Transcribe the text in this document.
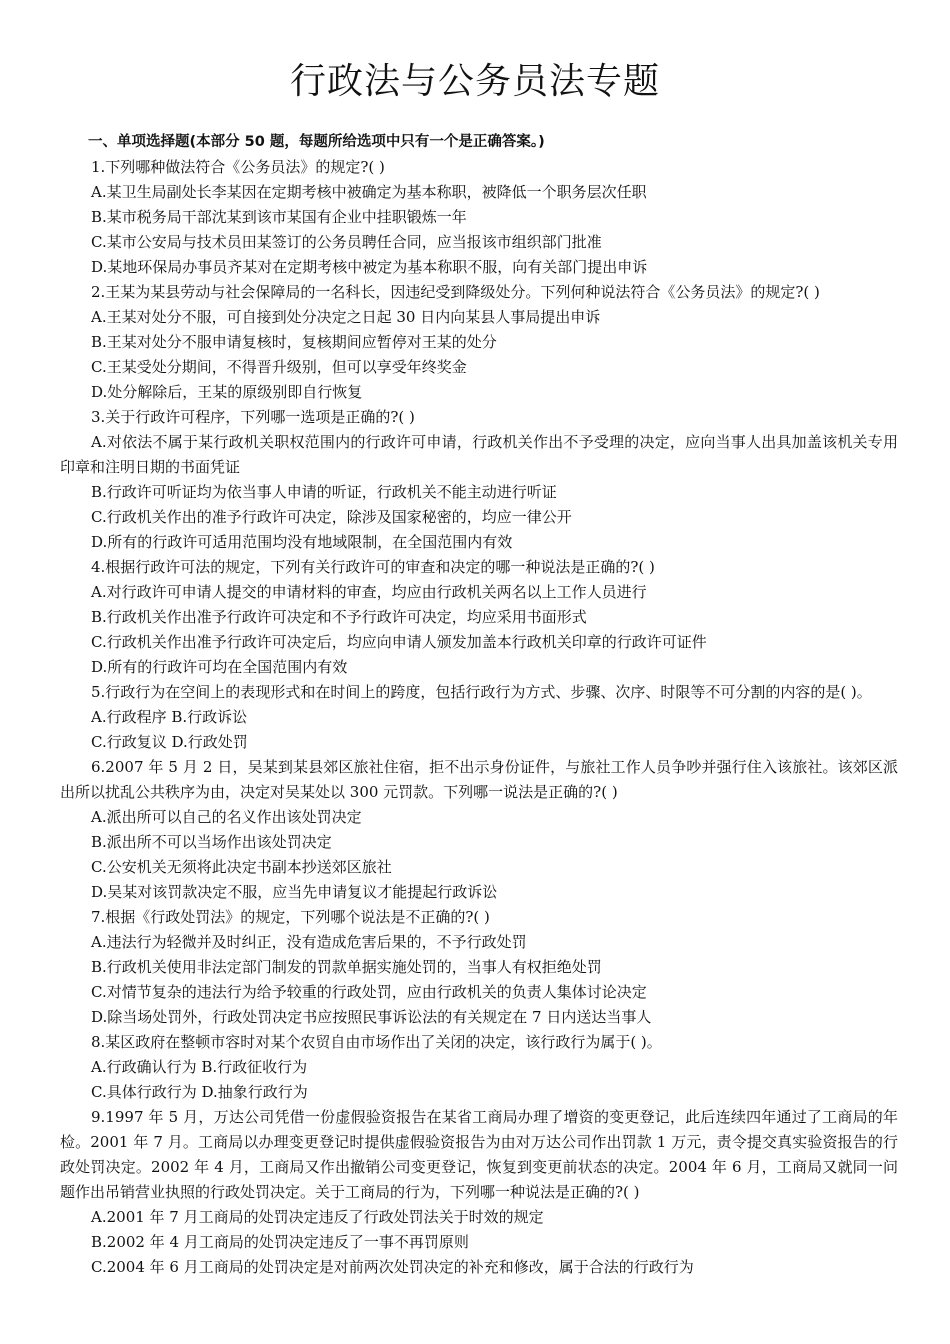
行政法与公务员法专题

一、单项选择题(本部分 50 题，每题所给选项中只有一个是正确答案。)

1.下列哪种做法符合《公务员法》的规定?( )

A.某卫生局副处长李某因在定期考核中被确定为基本称职，被降低一个职务层次任职

B.某市税务局干部沈某到该市某国有企业中挂职锻炼一年

C.某市公安局与技术员田某签订的公务员聘任合同，应当报该市组织部门批准

D.某地环保局办事员齐某对在定期考核中被定为基本称职不服，向有关部门提出申诉

2.王某为某县劳动与社会保障局的一名科长，因违纪受到降级处分。下列何种说法符合《公务员法》的规定?( )

A.王某对处分不服，可自接到处分决定之日起 30 日内向某县人事局提出申诉

B.王某对处分不服申请复核时，复核期间应暂停对王某的处分

C.王某受处分期间，不得晋升级别，但可以享受年终奖金

D.处分解除后，王某的原级别即自行恢复

3.关于行政许可程序，下列哪一选项是正确的?( )

A.对依法不属于某行政机关职权范围内的行政许可申请，行政机关作出不予受理的决定，应向当事人出具加盖该机关专用印章和注明日期的书面凭证

B.行政许可听证均为依当事人申请的听证，行政机关不能主动进行听证

C.行政机关作出的准予行政许可决定，除涉及国家秘密的，均应一律公开

D.所有的行政许可适用范围均没有地域限制，在全国范围内有效

4.根据行政许可法的规定，下列有关行政许可的审查和决定的哪一种说法是正确的?( )

A.对行政许可申请人提交的申请材料的审查，均应由行政机关两名以上工作人员进行

B.行政机关作出准予行政许可决定和不予行政许可决定，均应采用书面形式

C.行政机关作出准予行政许可决定后，均应向申请人颁发加盖本行政机关印章的行政许可证件

D.所有的行政许可均在全国范围内有效

5.行政行为在空间上的表现形式和在时间上的跨度，包括行政行为方式、步骤、次序、时限等不可分割的内容的是( )。

A.行政程序 B.行政诉讼

C.行政复议 D.行政处罚

6.2007 年 5 月 2 日，吴某到某县郊区旅社住宿，拒不出示身份证件，与旅社工作人员争吵并强行住入该旅社。该郊区派出所以扰乱公共秩序为由，决定对吴某处以 300 元罚款。下列哪一说法是正确的?( )

A.派出所可以自己的名义作出该处罚决定

B.派出所不可以当场作出该处罚决定

C.公安机关无须将此决定书副本抄送郊区旅社

D.吴某对该罚款决定不服，应当先申请复议才能提起行政诉讼

7.根据《行政处罚法》的规定，下列哪个说法是不正确的?( )

A.违法行为轻微并及时纠正，没有造成危害后果的，不予行政处罚

B.行政机关使用非法定部门制发的罚款单据实施处罚的，当事人有权拒绝处罚

C.对情节复杂的违法行为给予较重的行政处罚，应由行政机关的负责人集体讨论决定

D.除当场处罚外，行政处罚决定书应按照民事诉讼法的有关规定在 7 日内送达当事人

8.某区政府在整顿市容时对某个农贸自由市场作出了关闭的决定，该行政行为属于( )。

A.行政确认行为 B.行政征收行为

C.具体行政行为 D.抽象行政行为

9.1997 年 5 月，万达公司凭借一份虚假验资报告在某省工商局办理了增资的变更登记，此后连续四年通过了工商局的年检。2001 年 7 月。工商局以办理变更登记时提供虚假验资报告为由对万达公司作出罚款 1 万元，责令提交真实验资报告的行政处罚决定。2002 年 4 月，工商局又作出撤销公司变更登记，恢复到变更前状态的决定。2004 年 6 月，工商局又就同一问题作出吊销营业执照的行政处罚决定。关于工商局的行为，下列哪一种说法是正确的?( )

A.2001 年 7 月工商局的处罚决定违反了行政处罚法关于时效的规定

B.2002 年 4 月工商局的处罚决定违反了一事不再罚原则

C.2004 年 6 月工商局的处罚决定是对前两次处罚决定的补充和修改，属于合法的行政行为
